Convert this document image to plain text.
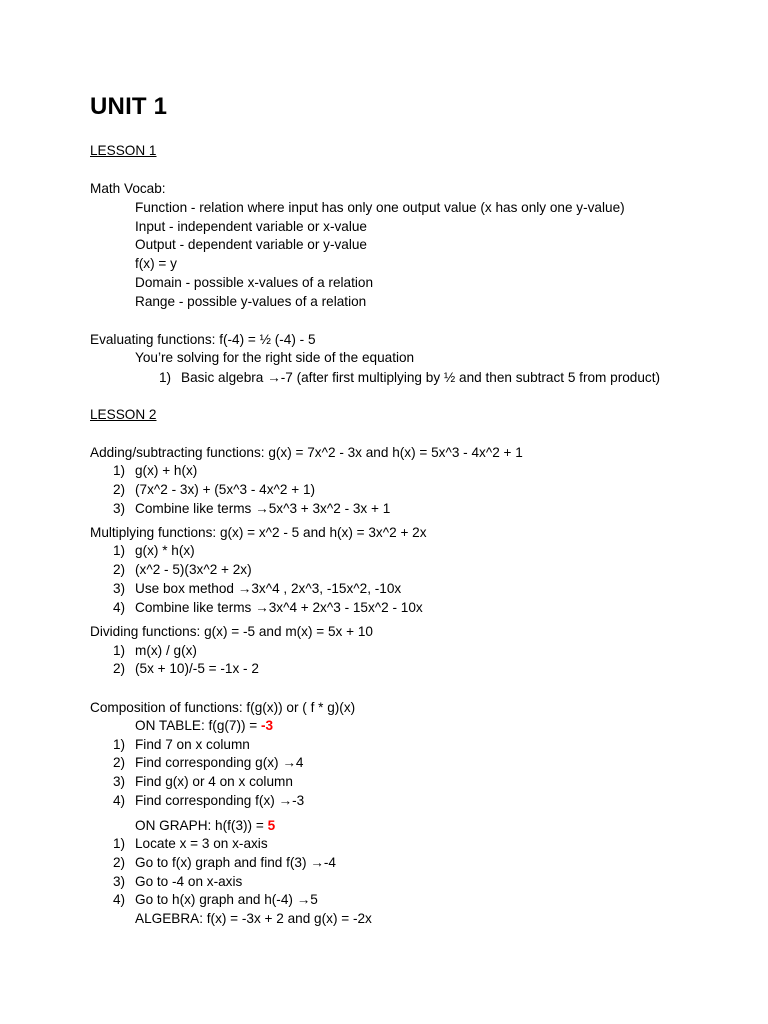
UNIT 1
LESSON 1
Math Vocab:
Function - relation where input has only one output value (x has only one y-value)
Input - independent variable or x-value
Output - dependent variable or y-value
f(x) = y
Domain - possible x-values of a relation
Range - possible y-values of a relation
Evaluating functions: f(-4) = ½ (-4) - 5
You’re solving for the right side of the equation
1) Basic algebra →-7 (after first multiplying by ½ and then subtract 5 from product)
LESSON 2
Adding/subtracting functions: g(x) = 7x^2 - 3x and h(x) = 5x^3 - 4x^2 + 1
1) g(x) + h(x)
2) (7x^2 - 3x) + (5x^3 - 4x^2 + 1)
3) Combine like terms →5x^3 + 3x^2 - 3x + 1
Multiplying functions: g(x) = x^2 - 5 and h(x) = 3x^2 + 2x
1) g(x) * h(x)
2) (x^2 - 5)(3x^2 + 2x)
3) Use box method →3x^4 , 2x^3, -15x^2, -10x
4) Combine like terms →3x^4 + 2x^3 - 15x^2 - 10x
Dividing functions: g(x) = -5 and m(x) = 5x + 10
1) m(x) / g(x)
2) (5x + 10)/-5 = -1x - 2
Composition of functions: f(g(x)) or ( f * g)(x)
ON TABLE: f(g(7)) = -3
1) Find 7 on x column
2) Find corresponding g(x) →4
3) Find g(x) or 4 on x column
4) Find corresponding f(x) →-3
ON GRAPH: h(f(3)) = 5
1) Locate x = 3 on x-axis
2) Go to f(x) graph and find f(3) →-4
3) Go to -4 on x-axis
4) Go to h(x) graph and h(-4) →5
ALGEBRA: f(x) = -3x + 2 and g(x) = -2x
